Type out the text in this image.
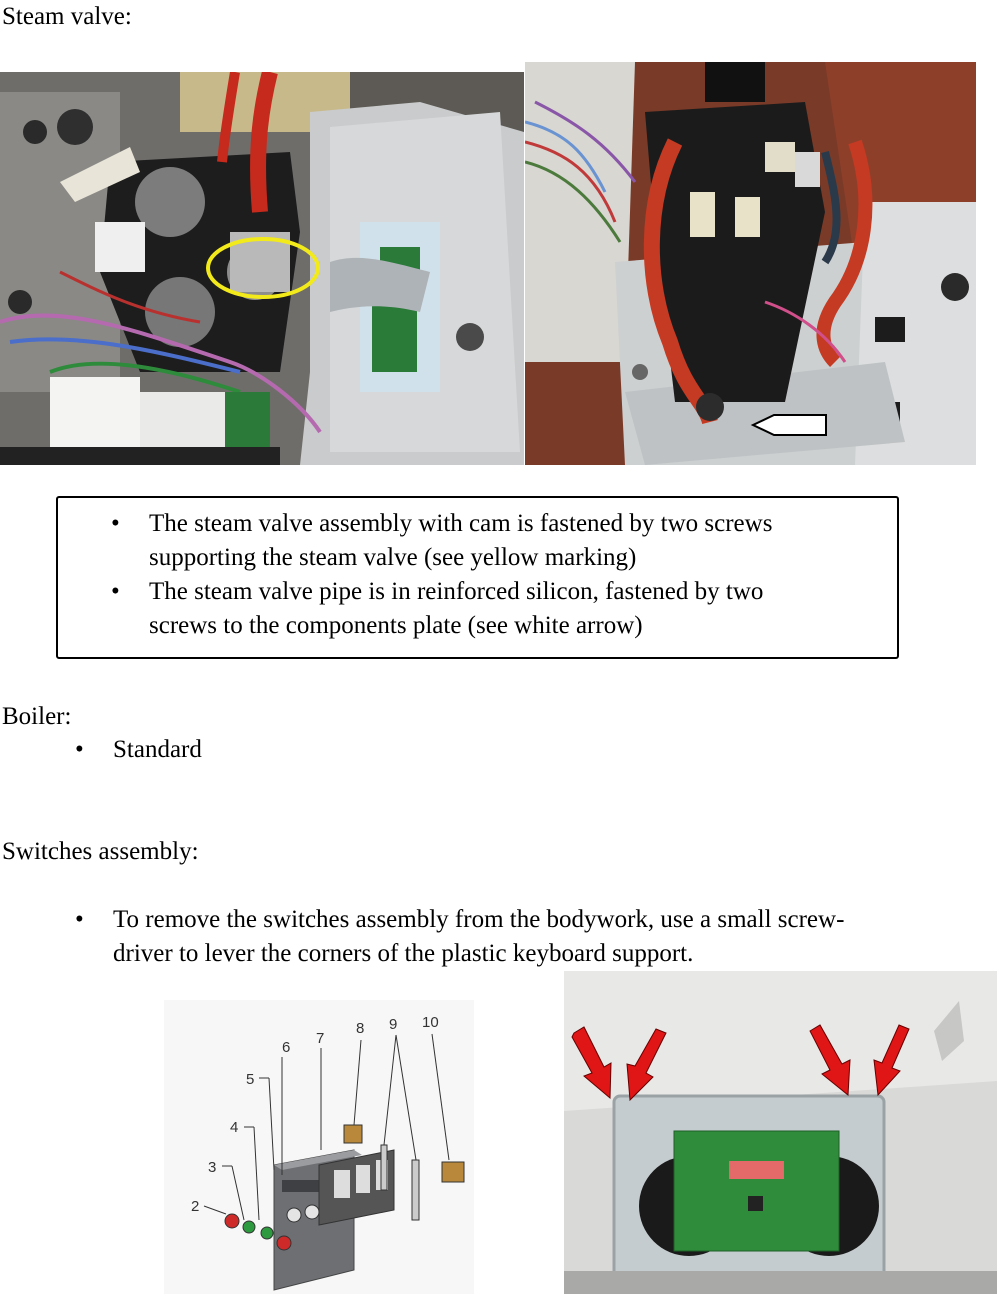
Steam valve:
• The steam valve assembly with cam is fastened by two screws
supporting the steam valve (see yellow marking)
• The steam valve pipe is in reinforced silicon, fastened by two
screws to the components plate (see white arrow)
Boiler:
• Standard
Switches assembly:
• To remove the switches assembly from the bodywork, use a small screw-
driver to lever the corners of the plastic keyboard support.
2
3
4
5
6
7
8 9 10
